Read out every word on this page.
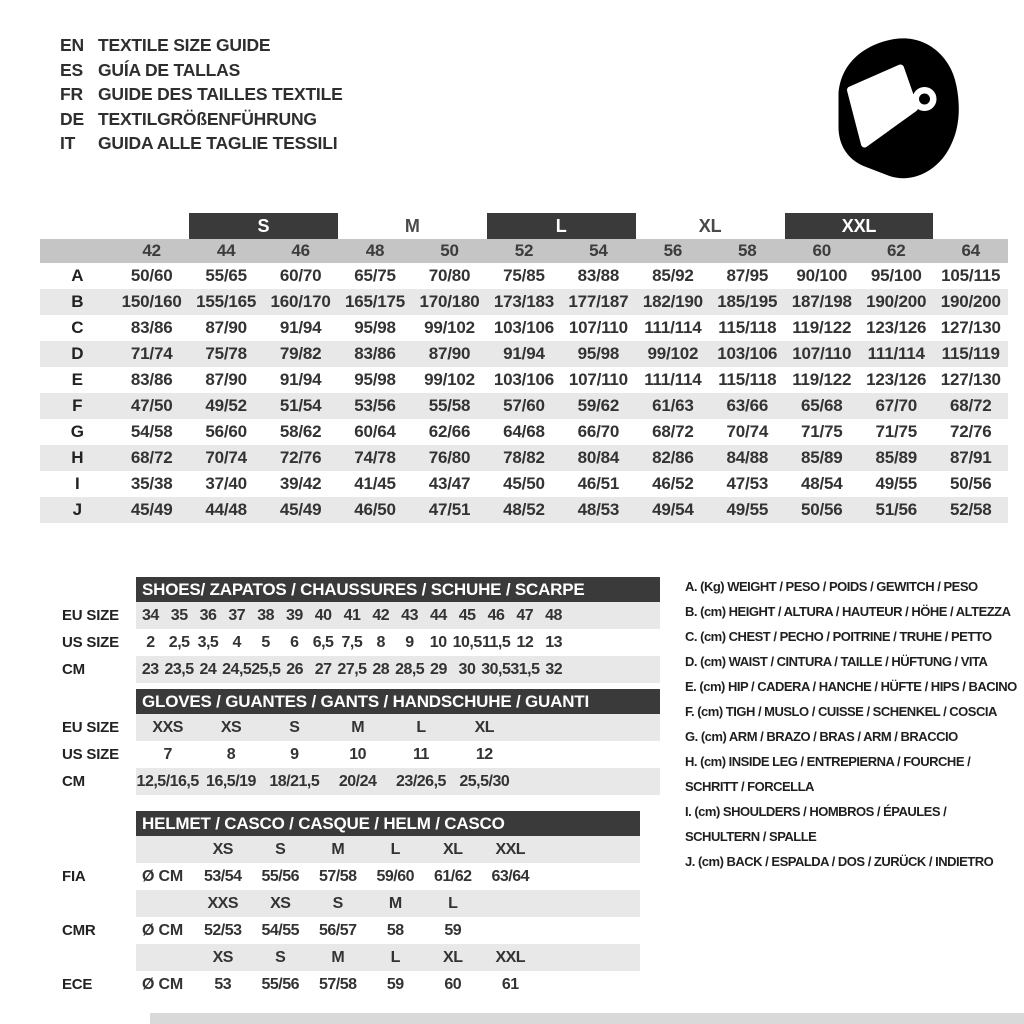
EN TEXTILE SIZE GUIDE
ES GUÍA DE TALLAS
FR GUIDE DES TAILLES TEXTILE
DE TEXTILGRÖßENFÜHRUNG
IT	GUIDA ALLE TAGLIE TESSILI
		S		M		L		XL		XXL		
	42	44	46	48	50	52	54	56	58	60	62	64
A	50/60	55/65	60/70	65/75	70/80	75/85	83/88	85/92	87/95	90/100	95/100	105/115
B	150/160	155/165	160/170	165/175	170/180	173/183	177/187	182/190	185/195	187/198	190/200	190/200
C	83/86	87/90	91/94	95/98	99/102	103/106	107/110	111/114	115/118	119/122	123/126	127/130
D	71/74	75/78	79/82	83/86	87/90	91/94	95/98	99/102	103/106	107/110	111/114	115/119
E	83/86	87/90	91/94	95/98	99/102	103/106	107/110	111/114	115/118	119/122	123/126	127/130
F	47/50	49/52	51/54	53/56	55/58	57/60	59/62	61/63	63/66	65/68	67/70	68/72
G	54/58	56/60	58/62	60/64	62/66	64/68	66/70	68/72	70/74	71/75	71/75	72/76
H	68/72	70/74	72/76	74/78	76/80	78/82	80/84	82/86	84/88	85/89	85/89	87/91
I	35/38	37/40	39/42	41/45	43/47	45/50	46/51	46/52	47/53	48/54	49/55	50/56
J	45/49	44/48	45/49	46/50	47/51	48/52	48/53	49/54	49/55	50/56	51/56	52/58
SHOES/ ZAPATOS / CHAUSSURES / SCHUHE / SCARPE
EU SIZE	34 35 36 37 38 39 40 41 42 43 44 45 46 47 48
US SIZE	2 2,5 3,5 4	5	6 6,5 7,5 8	9	10 10,5 11,5 12 13
CM	23 23,5 24 24,5 25,5 26 27 27,5 28 28,5 29 30 30,5 31,5 32
GLOVES / GUANTES / GANTS / HANDSCHUHE / GUANTI
EU SIZE	XXS	XS	S	M	L	XL
US SIZE	7	8	9	10	11	12
CM	12,5/16,5 16,5/19 18/21,5	20/24	23/26,5 25,5/30
HELMET / CASCO / CASQUE / HELM / CASCO
XS	S	M	L	XL	XXL
FIA	Ø CM	53/54	55/56	57/58	59/60	61/62	63/64
XXS	XS	S	M	L
CMR	Ø CM	52/53	54/55	56/57	58	59
XS	S	M	L	XL	XXL
ECE	Ø CM	53	55/56	57/58	59	60	61
A. (Kg) WEIGHT / PESO / POIDS / GEWITCH / PESO
B. (cm) HEIGHT / ALTURA / HAUTEUR / HÖHE / ALTEZZA
C. (cm) CHEST / PECHO / POITRINE / TRUHE / PETTO
D. (cm) WAIST / CINTURA / TAILLE / HÜFTUNG / VITA
E. (cm) HIP / CADERA / HANCHE / HÜFTE / HIPS / BACINO
F. (cm) TIGH / MUSLO / CUISSE / SCHENKEL / COSCIA
G. (cm) ARM / BRAZO / BRAS / ARM / BRACCIO
H. (cm) INSIDE LEG / ENTREPIERNA / FOURCHE /
SCHRITT / FORCELLA
I. (cm) SHOULDERS / HOMBROS / ÉPAULES /
SCHULTERN / SPALLE
J. (cm) BACK / ESPALDA / DOS / ZURÜCK / INDIETRO
